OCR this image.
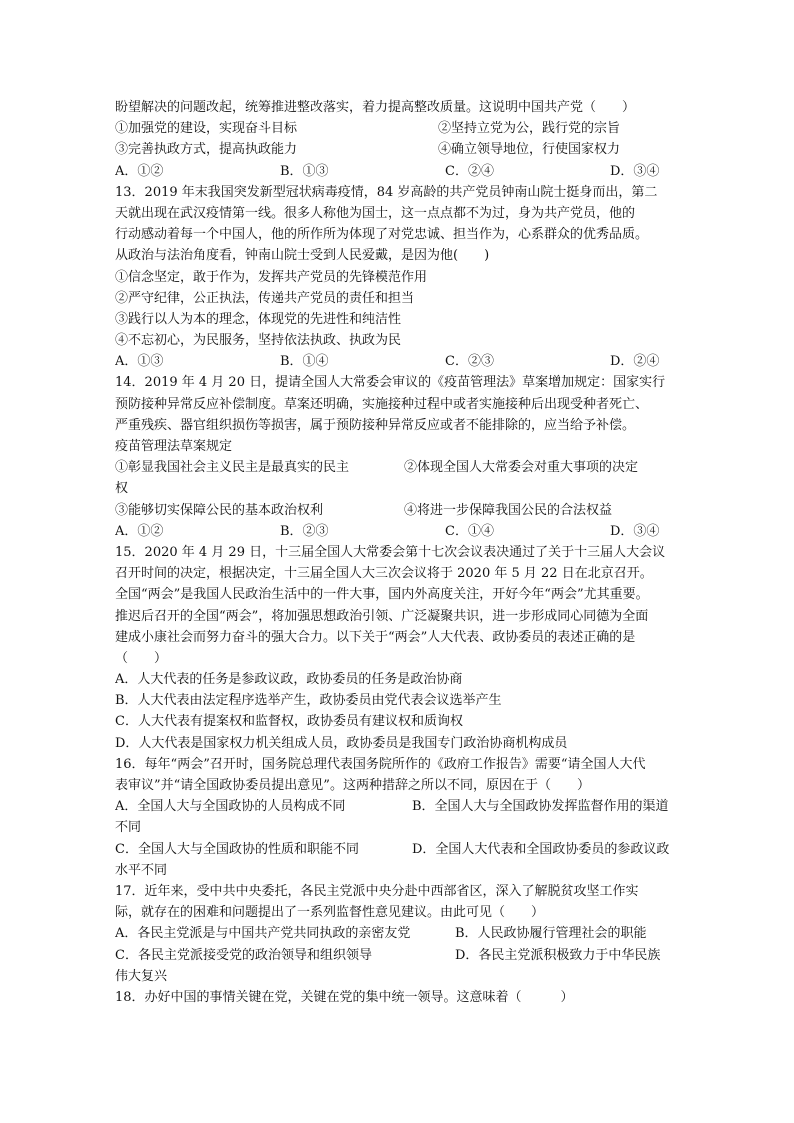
盼望解决的问题改起，统筹推进整改落实，着力提高整改质量。这说明中国共产党（　　）
①加强党的建设，实现奋斗目标	②坚持立党为公，践行党的宗旨
③完善执政方式，提高执政能力	④确立领导地位，行使国家权力
A．①②	B．①③	C．②④	D．③④
13．2019 年末我国突发新型冠状病毒疫情，84 岁高龄的共产党员钟南山院士挺身而出，第二
天就出现在武汉疫情第一线。很多人称他为国士，这一点点都不为过，身为共产党员，他的
行动感动着每一个中国人，他的所作所为体现了对党忠诚、担当作为，心系群众的优秀品质。
从政治与法治角度看，钟南山院士受到人民爱戴，是因为他(　　)
①信念坚定，敢于作为，发挥共产党员的先锋模范作用
②严守纪律，公正执法，传递共产党员的责任和担当
③践行以人为本的理念，体现党的先进性和纯洁性
④不忘初心，为民服务，坚持依法执政、执政为民
A．①③	B．①④	C．②③	D．②④
14．2019 年 4 月 20 日，提请全国人大常委会审议的《疫苗管理法》草案增加规定：国家实行
预防接种异常反应补偿制度。草案还明确，实施接种过程中或者实施接种后出现受种者死亡、
严重残疾、器官组织损伤等损害，属于预防接种异常反应或者不能排除的，应当给予补偿。
疫苗管理法草案规定
①彰显我国社会主义民主是最真实的民主	②体现全国人大常委会对重大事项的决定
权
③能够切实保障公民的基本政治权利	④将进一步保障我国公民的合法权益
A．①②	B．②③	C．①④	D．③④
15．2020 年 4 月 29 日，十三届全国人大常委会第十七次会议表决通过了关于十三届人大会议
召开时间的决定，根据决定，十三届全国人大三次会议将于 2020 年 5 月 22 日在北京召开。
全国“两会”是我国人民政治生活中的一件大事，国内外高度关注，开好今年“两会”尤其重要。
推迟后召开的全国“两会”，将加强思想政治引领、广泛凝聚共识，进一步形成同心同德为全面
建成小康社会而努力奋斗的强大合力。以下关于“两会”人大代表、政协委员的表述正确的是
（　　）
A．人大代表的任务是参政议政，政协委员的任务是政治协商
B．人大代表由法定程序选举产生，政协委员由党代表会议选举产生
C．人大代表有提案权和监督权，政协委员有建议权和质询权
D．人大代表是国家权力机关组成人员，政协委员是我国专门政治协商机构成员
16．每年“两会”召开时，国务院总理代表国务院所作的《政府工作报告》需要“请全国人大代
表审议”并“请全国政协委员提出意见”。这两种措辞之所以不同，原因在于（　　）
A．全国人大与全国政协的人员构成不同	B．全国人大与全国政协发挥监督作用的渠道
不同
C．全国人大与全国政协的性质和职能不同	D．全国人大代表和全国政协委员的参政议政
水平不同
17．近年来，受中共中央委托，各民主党派中央分赴中西部省区，深入了解脱贫攻坚工作实
际，就存在的困难和问题提出了一系列监督性意见建议。由此可见（　　）
A．各民主党派是与中国共产党共同执政的亲密友党	B．人民政协履行管理社会的职能
C．各民主党派接受党的政治领导和组织领导	D．各民主党派积极致力于中华民族
伟大复兴
18．办好中国的事情关键在党，关键在党的集中统一领导。这意味着（　　　）
